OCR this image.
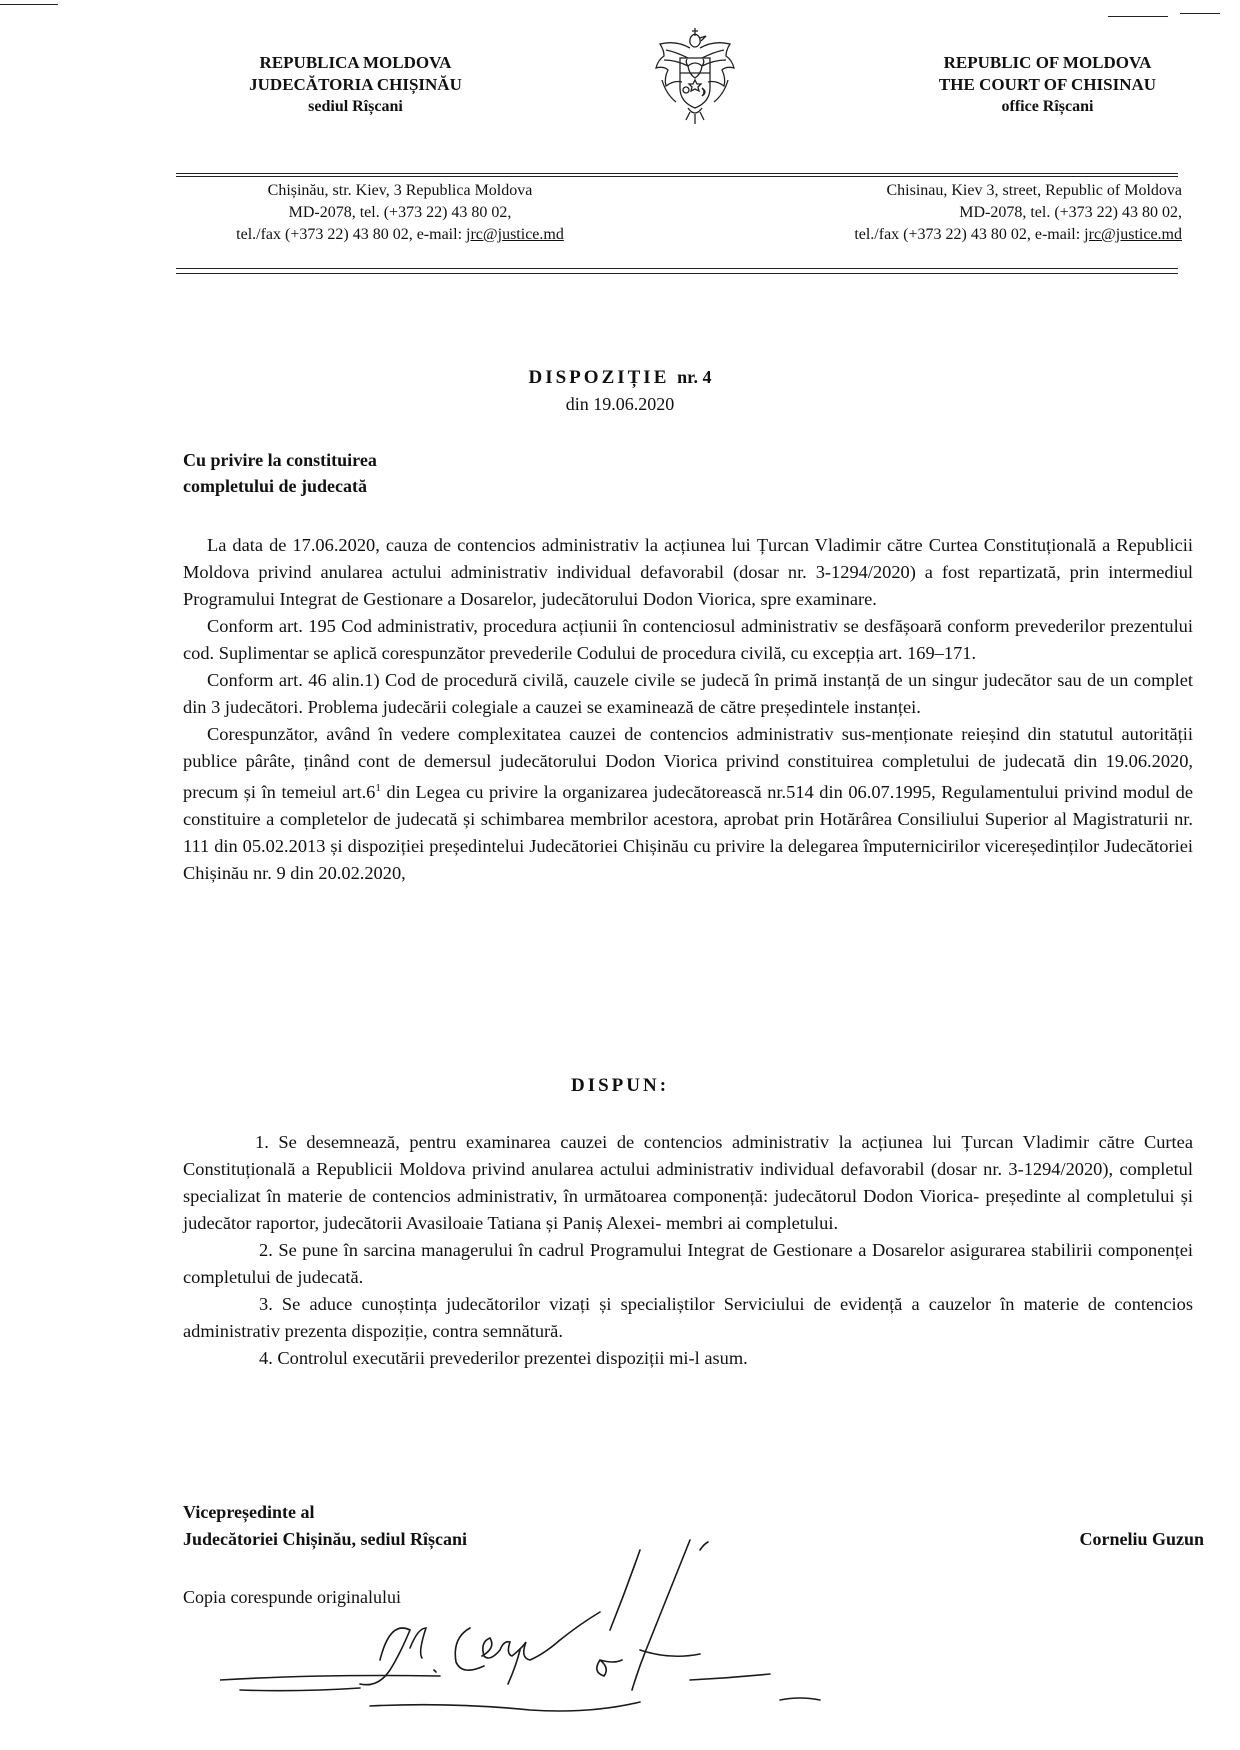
REPUBLICA MOLDOVA
JUDECĂTORIA CHIȘINĂU
sediul Rîșcani
REPUBLIC OF MOLDOVA
THE COURT OF CHISINAU
office Rîșcani
Chișinău, str. Kiev, 3 Republica Moldova
MD-2078, tel. (+373 22) 43 80 02,
tel./fax (+373 22) 43 80 02, e-mail: jrc@justice.md
Chisinau, Kiev 3, street, Republic of Moldova
MD-2078, tel. (+373 22) 43 80 02,
tel./fax (+373 22) 43 80 02, e-mail: jrc@justice.md
DISPOZIȚIE nr. 4
din 19.06.2020
Cu privire la constituirea
completului de judecată

La data de 17.06.2020, cauza de contencios administrativ la acțiunea lui Țurcan Vladimir către Curtea Constituțională a Republicii Moldova privind anularea actului administrativ individual defavorabil (dosar nr. 3-1294/2020) a fost repartizată, prin intermediul Programului Integrat de Gestionare a Dosarelor, judecătorului Dodon Viorica, spre examinare.

Conform art. 195 Cod administrativ, procedura acțiunii în contenciosul administrativ se desfășoară conform prevederilor prezentului cod. Suplimentar se aplică corespunzător prevederile Codului de procedura civilă, cu excepția art. 169–171.

Conform art. 46 alin.1) Cod de procedură civilă, cauzele civile se judecă în primă instanță de un singur judecător sau de un complet din 3 judecători. Problema judecării colegiale a cauzei se examinează de către președintele instanței.

Corespunzător, având în vedere complexitatea cauzei de contencios administrativ sus-menționate reieșind din statutul autorității publice pârâte, ținând cont de demersul judecătorului Dodon Viorica privind constituirea completului de judecată din 19.06.2020, precum și în temeiul $art.6^1$ din Legea cu privire la organizarea judecătorească nr.514 din 06.07.1995, Regulamentului privind modul de constituire a completelor de judecată și schimbarea membrilor acestora, aprobat prin Hotărârea Consiliului Superior al Magistraturii nr. 111 din 05.02.2013 și dispoziției președintelui Judecătoriei Chișinău cu privire la delegarea împuternicirilor vicereședinților Judecătoriei Chișinău nr. 9 din 20.02.2020,

DISPUN:

1. Se desemnează, pentru examinarea cauzei de contencios administrativ la acțiunea lui Țurcan Vladimir către Curtea Constituțională a Republicii Moldova privind anularea actului administrativ individual defavorabil (dosar nr. 3-1294/2020), completul specializat în materie de contencios administrativ, în următoarea componență: judecătorul Dodon Viorica- președinte al completului și judecător raportor, judecătorii Avasiloaie Tatiana și Paniș Alexei- membri ai completului.

2. Se pune în sarcina managerului în cadrul Programului Integrat de Gestionare a Dosarelor asigurarea stabilirii componenței completului de judecată.

3. Se aduce cunoștința judecătorilor vizați și specialiștilor Serviciului de evidență a cauzelor în materie de contencios administrativ prezenta dispoziție, contra semnătură.

4. Controlul executării prevederilor prezentei dispoziții mi-l asum.

Vicepreședinte al
Judecătoriei Chișinău, sediul Rîșcani	Corneliu Guzun
Copia corespunde originalului
